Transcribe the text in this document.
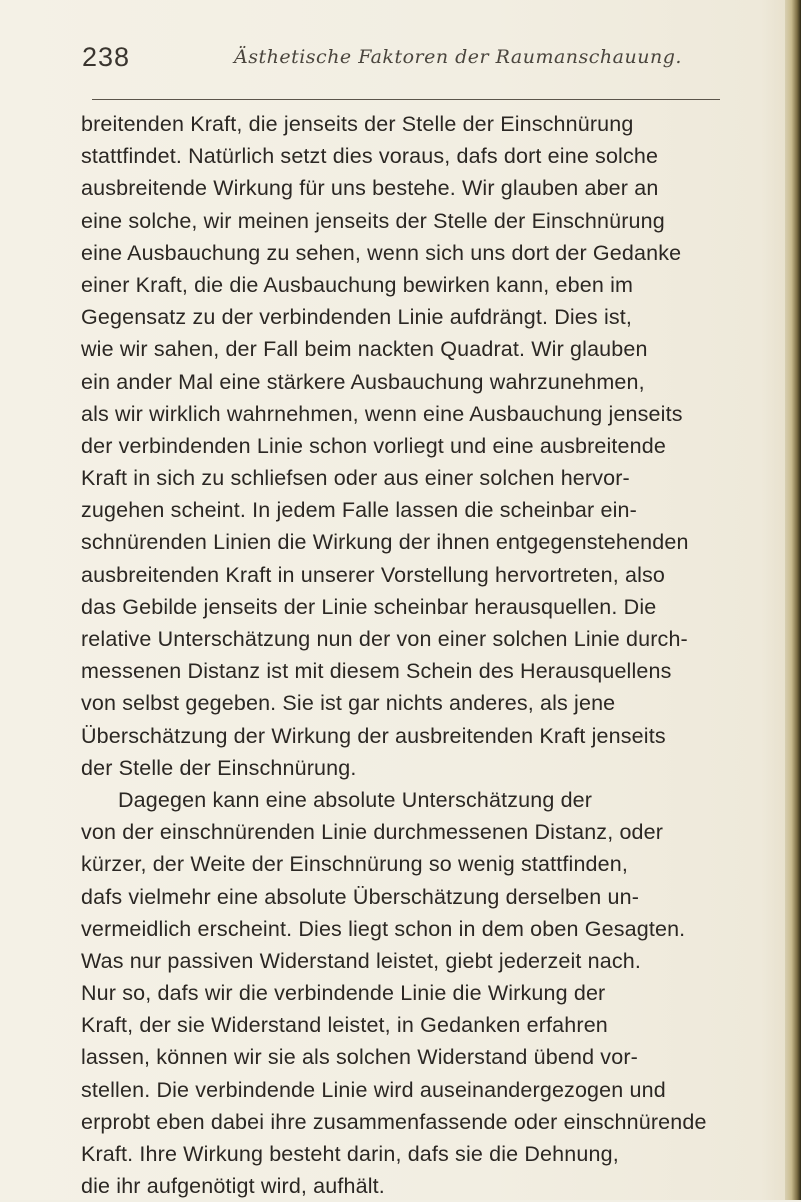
238	Ästhetische Faktoren der Raumanschauung.
breitenden Kraft, die jenseits der Stelle der Einschnürung
stattfindet. Natürlich setzt dies voraus, dafs dort eine solche
ausbreitende Wirkung für uns bestehe. Wir glauben aber an
eine solche, wir meinen jenseits der Stelle der Einschnürung
eine Ausbauchung zu sehen, wenn sich uns dort der Gedanke
einer Kraft, die die Ausbauchung bewirken kann, eben im
Gegensatz zu der verbindenden Linie aufdrängt. Dies ist,
wie wir sahen, der Fall beim nackten Quadrat. Wir glauben
ein ander Mal eine stärkere Ausbauchung wahrzunehmen,
als wir wirklich wahrnehmen, wenn eine Ausbauchung jenseits
der verbindenden Linie schon vorliegt und eine ausbreitende
Kraft in sich zu schliefsen oder aus einer solchen hervor-
zugehen scheint. In jedem Falle lassen die scheinbar ein-
schnürenden Linien die Wirkung der ihnen entgegenstehenden
ausbreitenden Kraft in unserer Vorstellung hervortreten, also
das Gebilde jenseits der Linie scheinbar herausquellen. Die
relative Unterschätzung nun der von einer solchen Linie durch-
messenen Distanz ist mit diesem Schein des Herausquellens
von selbst gegeben. Sie ist gar nichts anderes, als jene
Überschätzung der Wirkung der ausbreitenden Kraft jenseits
der Stelle der Einschnürung.
Dagegen kann eine absolute Unterschätzung der
von der einschnürenden Linie durchmessenen Distanz, oder
kürzer, der Weite der Einschnürung so wenig stattfinden,
dafs vielmehr eine absolute Überschätzung derselben un-
vermeidlich erscheint. Dies liegt schon in dem oben Gesagten.
Was nur passiven Widerstand leistet, giebt jederzeit nach.
Nur so, dafs wir die verbindende Linie die Wirkung der
Kraft, der sie Widerstand leistet, in Gedanken erfahren
lassen, können wir sie als solchen Widerstand übend vor-
stellen. Die verbindende Linie wird auseinandergezogen und
erprobt eben dabei ihre zusammenfassende oder einschnürende
Kraft. Ihre Wirkung besteht darin, dafs sie die Dehnung,
die ihr aufgenötigt wird, aufhält.
